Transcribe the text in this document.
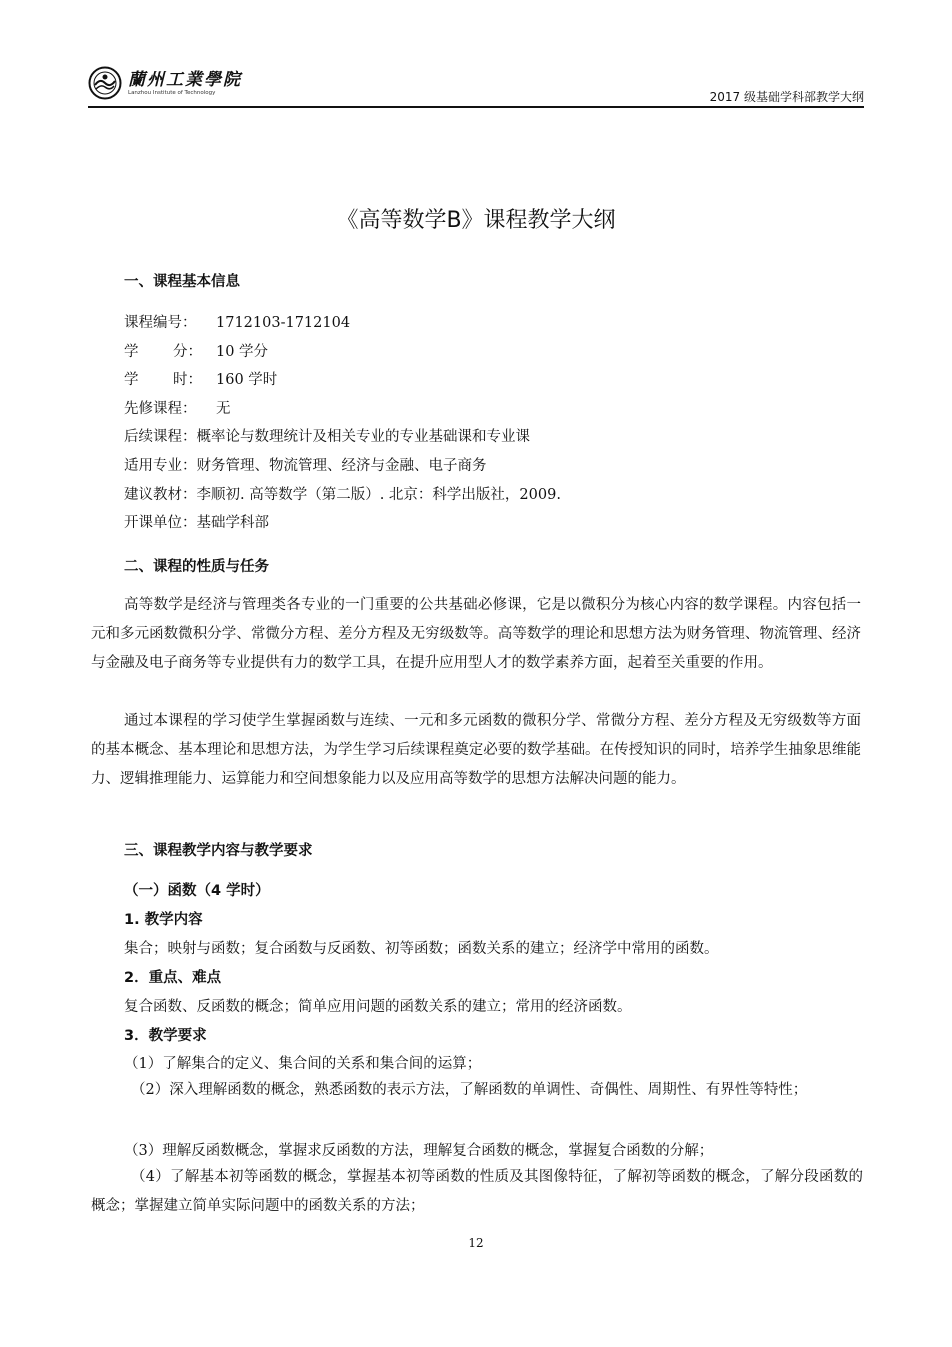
蘭州工業學院
Lanzhou Institute of Technology	2017 级基础学科部教学大纲
《高等数学B》课程教学大纲
一、课程基本信息
课程编号：	1712103-1712104
学 分： 10 学分
学 时： 160 学时
先修课程：	无
后续课程： 概率论与数理统计及相关专业的专业基础课和专业课
适用专业： 财务管理、物流管理、经济与金融、电子商务
建议教材： 李顺初. 高等数学（第二版）. 北京：科学出版社，2009.
开课单位： 基础学科部
二、课程的性质与任务

高等数学是经济与管理类各专业的一门重要的公共基础必修课，它是以微积分为核心内容的数学课程。内容包括一元和多元函数微积分学、常微分方程、差分方程及无穷级数等。高等数学的理论和思想方法为财务管理、物流管理、经济与金融及电子商务等专业提供有力的数学工具，在提升应用型人才的数学素养方面，起着至关重要的作用。

通过本课程的学习使学生掌握函数与连续、一元和多元函数的微积分学、常微分方程、差分方程及无穷级数等方面的基本概念、基本理论和思想方法，为学生学习后续课程奠定必要的数学基础。在传授知识的同时，培养学生抽象思维能力、逻辑推理能力、运算能力和空间想象能力以及应用高等数学的思想方法解决问题的能力。

三、课程教学内容与教学要求
（一）函数（4 学时）
1. 教学内容
集合；映射与函数；复合函数与反函数、初等函数；函数关系的建立；经济学中常用的函数。
2．重点、难点
复合函数、反函数的概念；简单应用问题的函数关系的建立；常用的经济函数。
3．教学要求
（1）了解集合的定义、集合间的关系和集合间的运算；

（2）深入理解函数的概念，熟悉函数的表示方法，了解函数的单调性、奇偶性、周期性、有界性等特性；

（3）理解反函数概念，掌握求反函数的方法，理解复合函数的概念，掌握复合函数的分解；

（4）了解基本初等函数的概念，掌握基本初等函数的性质及其图像特征，了解初等函数的概念，了解分段函数的概念；掌握建立简单实际问题中的函数关系的方法；

12
